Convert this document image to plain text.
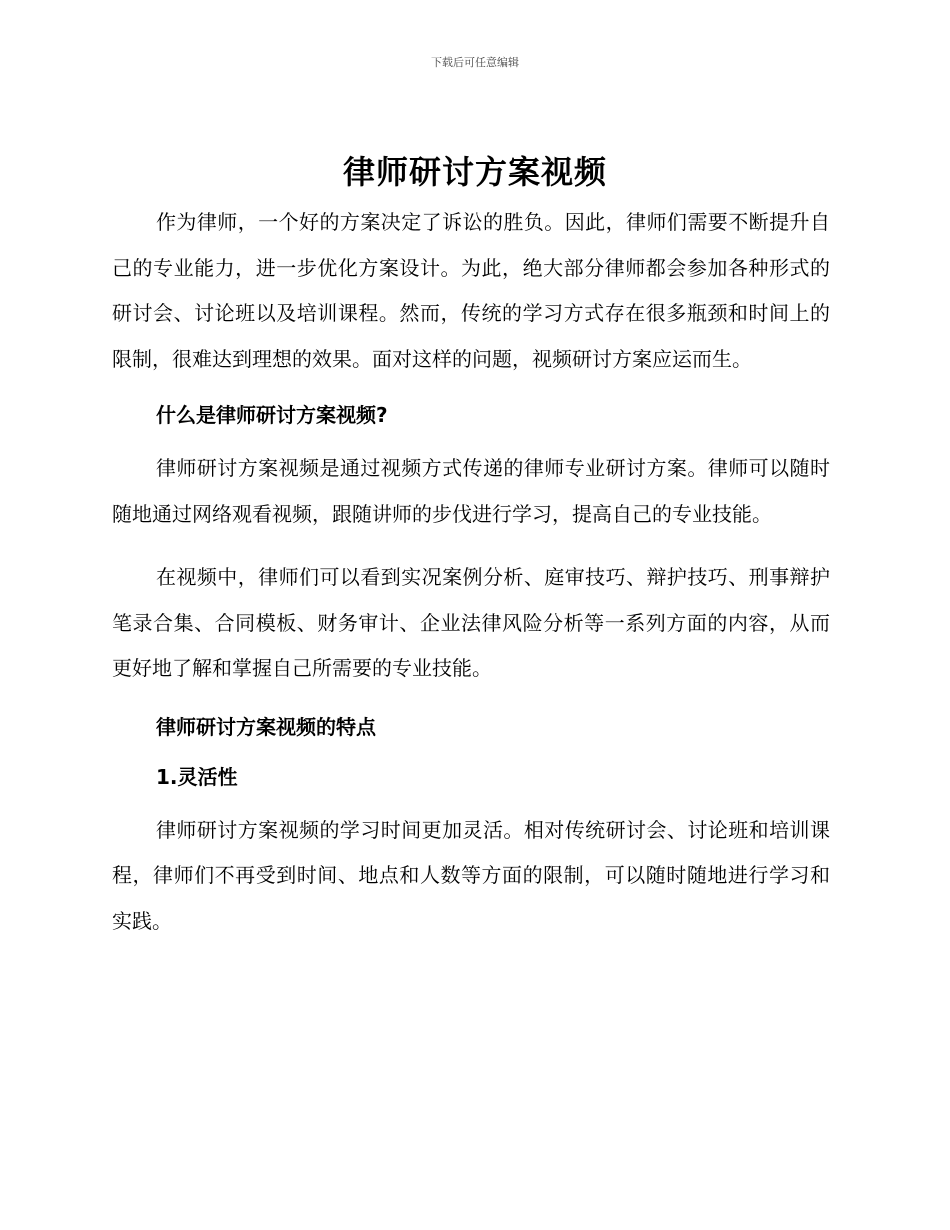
下载后可任意编辑
律师研讨方案视频

作为律师，一个好的方案决定了诉讼的胜负。因此，律师们需要不断提升自己的专业能力，进一步优化方案设计。为此，绝大部分律师都会参加各种形式的研讨会、讨论班以及培训课程。然而，传统的学习方式存在很多瓶颈和时间上的限制，很难达到理想的效果。面对这样的问题，视频研讨方案应运而生。

什么是律师研讨方案视频?

律师研讨方案视频是通过视频方式传递的律师专业研讨方案。律师可以随时随地通过网络观看视频，跟随讲师的步伐进行学习，提高自己的专业技能。

在视频中，律师们可以看到实况案例分析、庭审技巧、辩护技巧、刑事辩护笔录合集、合同模板、财务审计、企业法律风险分析等一系列方面的内容，从而更好地了解和掌握自己所需要的专业技能。

律师研讨方案视频的特点

1.灵活性

律师研讨方案视频的学习时间更加灵活。相对传统研讨会、讨论班和培训课程，律师们不再受到时间、地点和人数等方面的限制，可以随时随地进行学习和实践。
